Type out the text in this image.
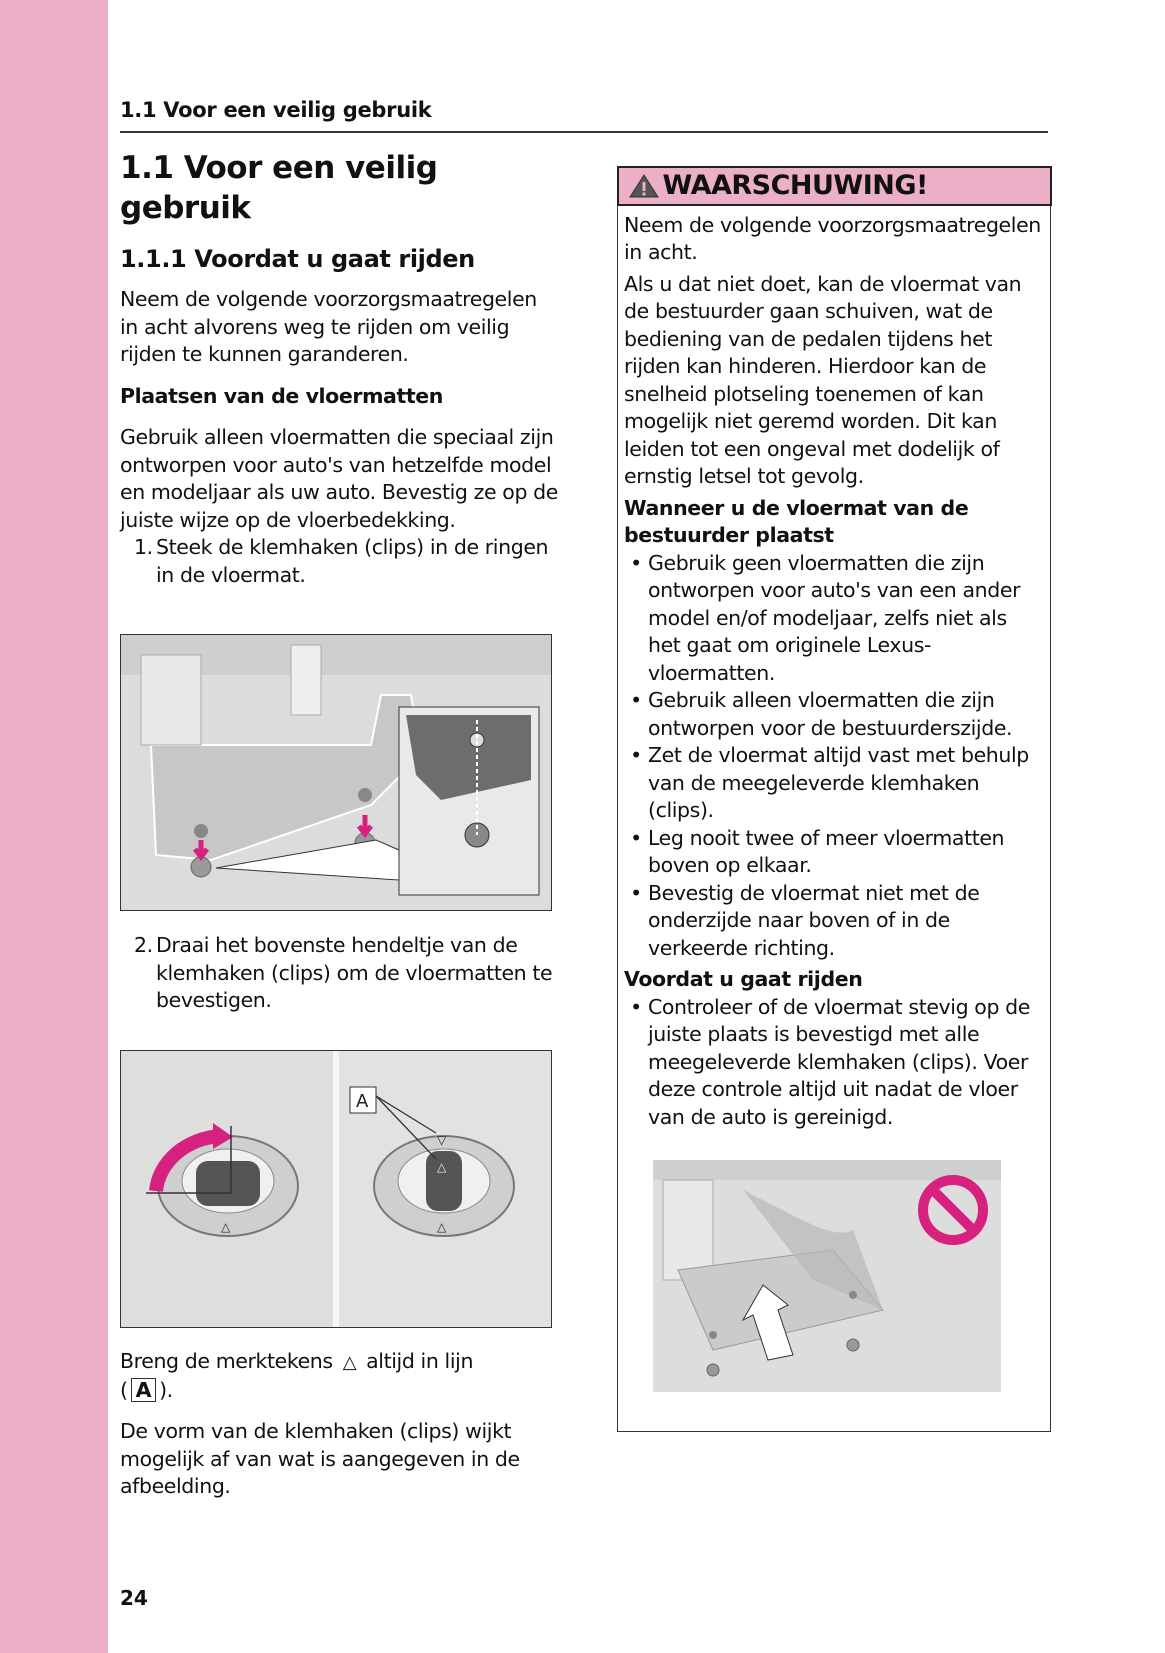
1.1 Voor een veilig gebruik
1.1 Voor een veilig gebruik
1.1.1 Voordat u gaat rijden

Neem de volgende voorzorgsmaatregelen in acht alvorens weg te rijden om veilig rijden te kunnen garanderen.

Plaatsen van de vloermatten

Gebruik alleen vloermatten die speciaal zijn ontworpen voor auto's van hetzelfde model en modeljaar als uw auto. Bevestig ze op de juiste wijze op de vloerbedekking.

1. Steek de klemhaken (clips) in de ringen in de vloermat.
2. Draai het bovenste hendeltje van de klemhaken (clips) om de vloermatten te bevestigen.
△
△
▽
△
A

Breng de merktekens △ altijd in lijn
( A ).

De vorm van de klemhaken (clips) wijkt mogelijk af van wat is aangegeven in de afbeelding.

WAARSCHUWING!

Neem de volgende voorzorgsmaatregelen in acht.

Als u dat niet doet, kan de vloermat van de bestuurder gaan schuiven, wat de bediening van de pedalen tijdens het rijden kan hinderen. Hierdoor kan de snelheid plotseling toenemen of kan mogelijk niet geremd worden. Dit kan leiden tot een ongeval met dodelijk of ernstig letsel tot gevolg.

Wanneer u de vloermat van de bestuurder plaatst

• Gebruik geen vloermatten die zijn ontworpen voor auto's van een ander model en/of modeljaar, zelfs niet als het gaat om originele Lexus-vloermatten.
• Gebruik alleen vloermatten die zijn ontworpen voor de bestuurderszijde.
• Zet de vloermat altijd vast met behulp van de meegeleverde klemhaken (clips).
• Leg nooit twee of meer vloermatten boven op elkaar.
• Bevestig de vloermat niet met de onderzijde naar boven of in de verkeerde richting.

Voordat u gaat rijden

• Controleer of de vloermat stevig op de juiste plaats is bevestigd met alle meegeleverde klemhaken (clips). Voer deze controle altijd uit nadat de vloer van de auto is gereinigd.
24
